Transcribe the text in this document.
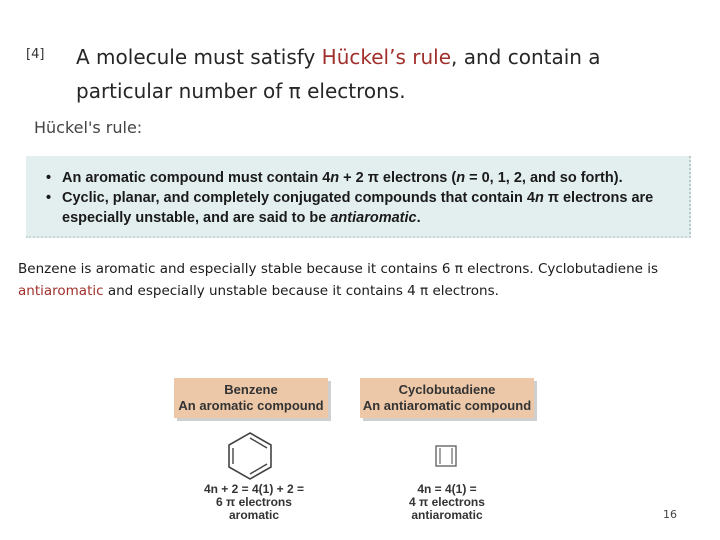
[4] A molecule must satisfy Hückel’s rule, and contain a particular number of π electrons.
Hückel's rule:
• An aromatic compound must contain 4n + 2 π electrons (n = 0, 1, 2, and so forth).
• Cyclic, planar, and completely conjugated compounds that contain 4n π electrons are especially unstable, and are said to be antiaromatic.
Benzene is aromatic and especially stable because it contains 6 π electrons. Cyclobutadiene is antiaromatic and especially unstable because it contains 4 π electrons.
Benzene
An aromatic compound
Cyclobutadiene
An antiaromatic compound
4n + 2 = 4(1) + 2 =
6 π electrons
aromatic
4n = 4(1) =
4 π electrons
antiaromatic	16
